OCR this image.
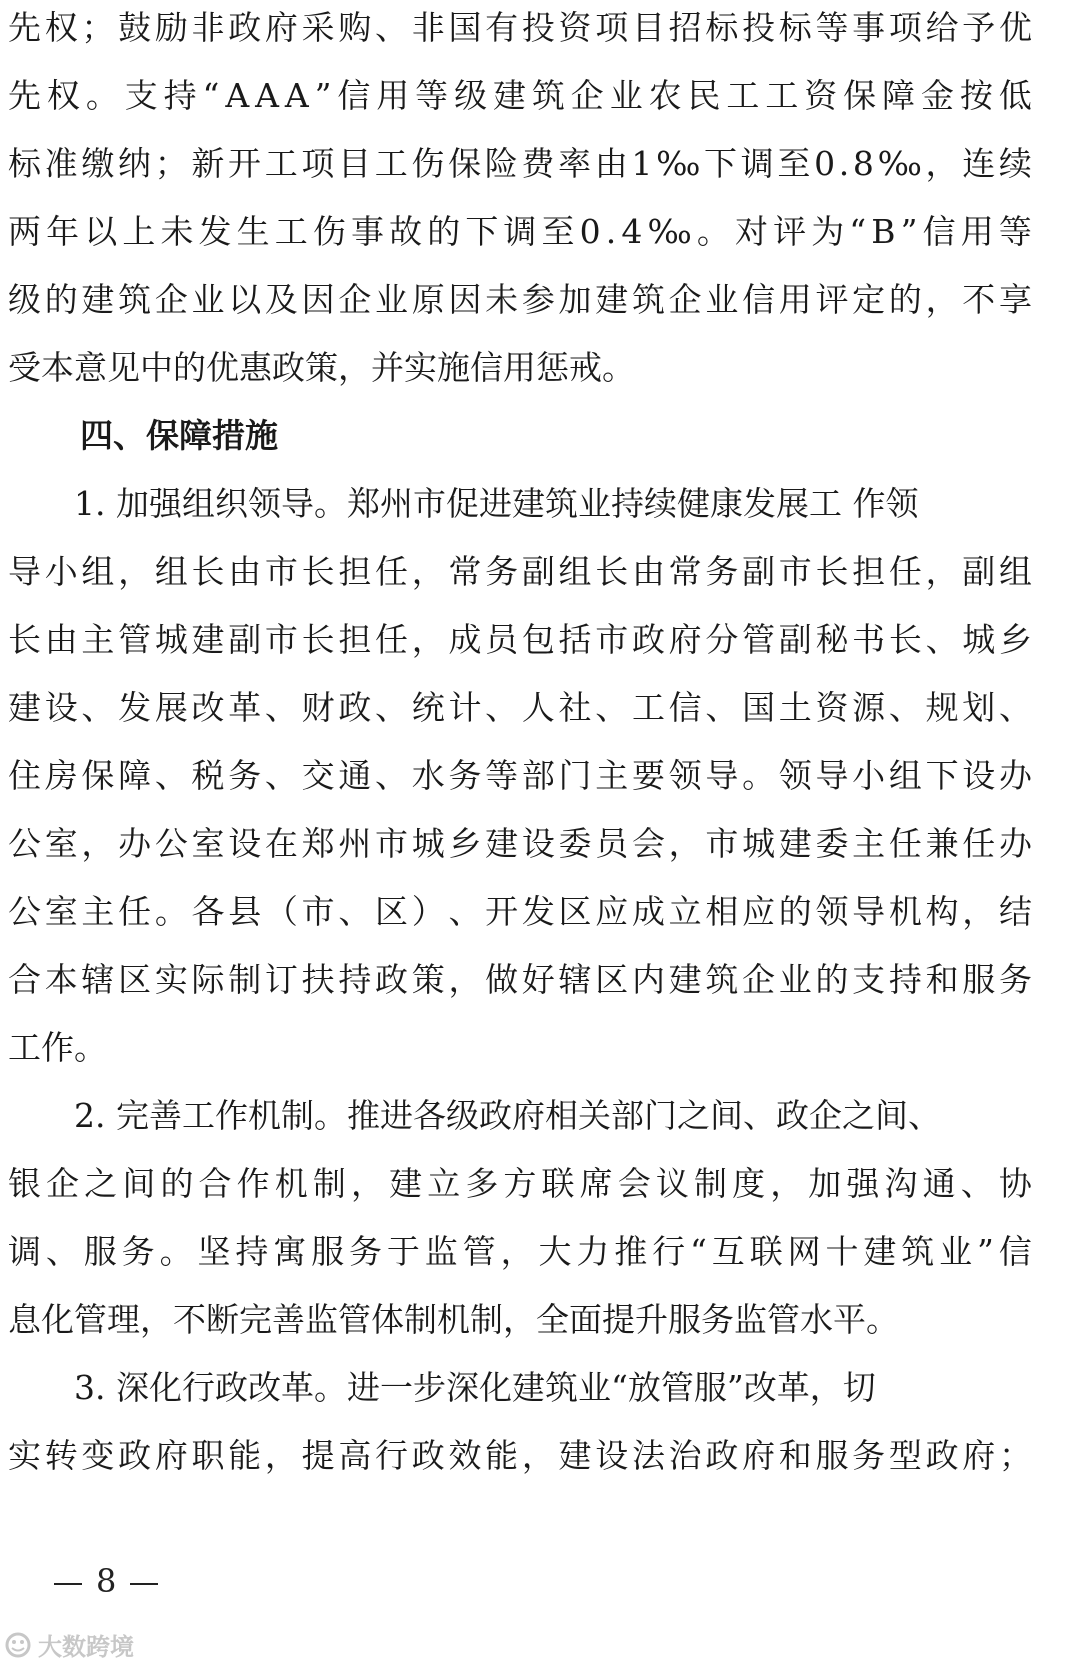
先 权 ； 鼓 励 非 政 府 采 购 、 非 国 有 投 资 项 目 招 标 投 标 等 事 项 给 予 优
先 权 。 支 持 “ A A A ” 信 用 等 级 建 筑 企 业 农 民 工 工 资 保 障 金 按 低
标 准 缴 纳 ； 新 开 工 项 目 工 伤 保 险 费 率 由 1 ‰ 下 调 至 0 . 8 ‰ ， 连 续
两 年 以 上 未 发 生 工 伤 事 故 的 下 调 至 0 . 4 ‰ 。 对 评 为 “ B ” 信 用 等
级 的 建 筑 企 业 以 及 因 企 业 原 因 未 参 加 建 筑 企 业 信 用 评 定 的 ， 不 享
受本意见中的优惠政策，并实施信用惩戒。
四、保障措施
1. 加强组织领导。郑州市促进建筑业持续健康发展工 作领
导 小 组 ， 组 长 由 市 长 担 任 ， 常 务 副 组 长 由 常 务 副 市 长 担 任 ， 副 组
长 由 主 管 城 建 副 市 长 担 任 ， 成 员 包 括 市 政 府 分 管 副 秘 书 长 、 城 乡
建 设 、 发 展 改 革 、 财 政 、 统 计 、 人 社 、 工 信 、 国 土 资 源 、 规 划 、
住 房 保 障 、 税 务 、 交 通 、 水 务 等 部 门 主 要 领 导 。 领 导 小 组 下 设 办
公 室 ， 办 公 室 设 在 郑 州 市 城 乡 建 设 委 员 会 ， 市 城 建 委 主 任 兼 任 办
公 室 主 任 。 各 县 （ 市 、 区 ） 、 开 发 区 应 成 立 相 应 的 领 导 机 构 ， 结
合 本 辖 区 实 际 制 订 扶 持 政 策 ， 做 好 辖 区 内 建 筑 企 业 的 支 持 和 服 务
工作。
2. 完善工作机制。推进各级政府相关部门之间、政企之间、
银 企 之 间 的 合 作 机 制 ， 建 立 多 方 联 席 会 议 制 度 ， 加 强 沟 通 、 协
调 、 服 务 。 坚 持 寓 服 务 于 监 管 ， 大 力 推 行 “ 互 联 网 十 建 筑 业 ” 信
息化管理，不断完善监管体制机制，全面提升服务监管水平。
3. 深化行政改革。进一步深化建筑业“放管服”改革，切
实 转 变 政 府 职 能 ， 提 高 行 政 效 能 ， 建 设 法 治 政 府 和 服 务 型 政 府 ；
8
大数跨境
